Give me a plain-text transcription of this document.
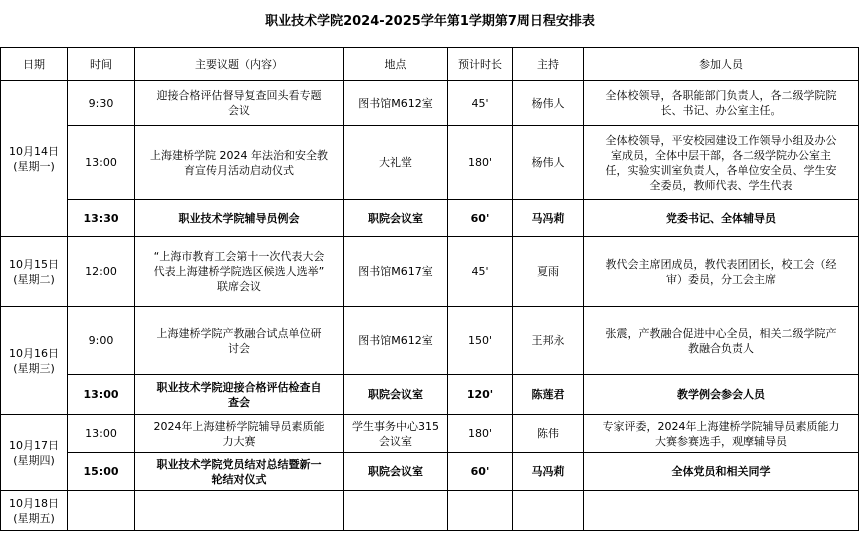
职业技术学院2024-2025学年第1学期第7周日程安排表
日期	时间	主要议题（内容）	地点	预计时长	主持	参加人员

10月14日
(星期一)	9:30	迎接合格评估督导复查回头看专题
会议	图书馆M612室	45'	杨伟人	全体校领导，各职能部门负责人，各二级学院院
长、书记、办公室主任。

	13:00	上海建桥学院 2024 年法治和安全教
育宣传月活动启动仪式	大礼堂	180'	杨伟人	全体校领导，平安校园建设工作领导小组及办公
室成员，全体中层干部，各二级学院办公室主
任，实验实训室负责人，各单位安全员、学生安
全委员，教师代表、学生代表

	13:30	职业技术学院辅导员例会	职院会议室	60'	马冯莉	党委书记、全体辅导员

10月15日
(星期二)	12:00	“上海市教育工会第十一次代表大会
代表上海建桥学院选区候选人选举”
联席会议	图书馆M617室	45'	夏雨	教代会主席团成员，教代表团团长，校工会（经
审）委员，分工会主席

10月16日
(星期三)	9:00	上海建桥学院产教融合试点单位研
讨会	图书馆M612室	150'	王邦永	张震，产教融合促进中心全员，相关二级学院产
教融合负责人

	13:00	职业技术学院迎接合格评估检查自
查会	职院会议室	120'	陈莲君	教学例会参会人员

10月17日
(星期四)	13:00	2024年上海建桥学院辅导员素质能
力大赛	学生事务中心315
会议室	180'	陈伟	专家评委，2024年上海建桥学院辅导员素质能力
大赛参赛选手，观摩辅导员

	15:00	职业技术学院党员结对总结暨新一
轮结对仪式	职院会议室	60'	马冯莉	全体党员和相关同学

10月18日
(星期五)						
